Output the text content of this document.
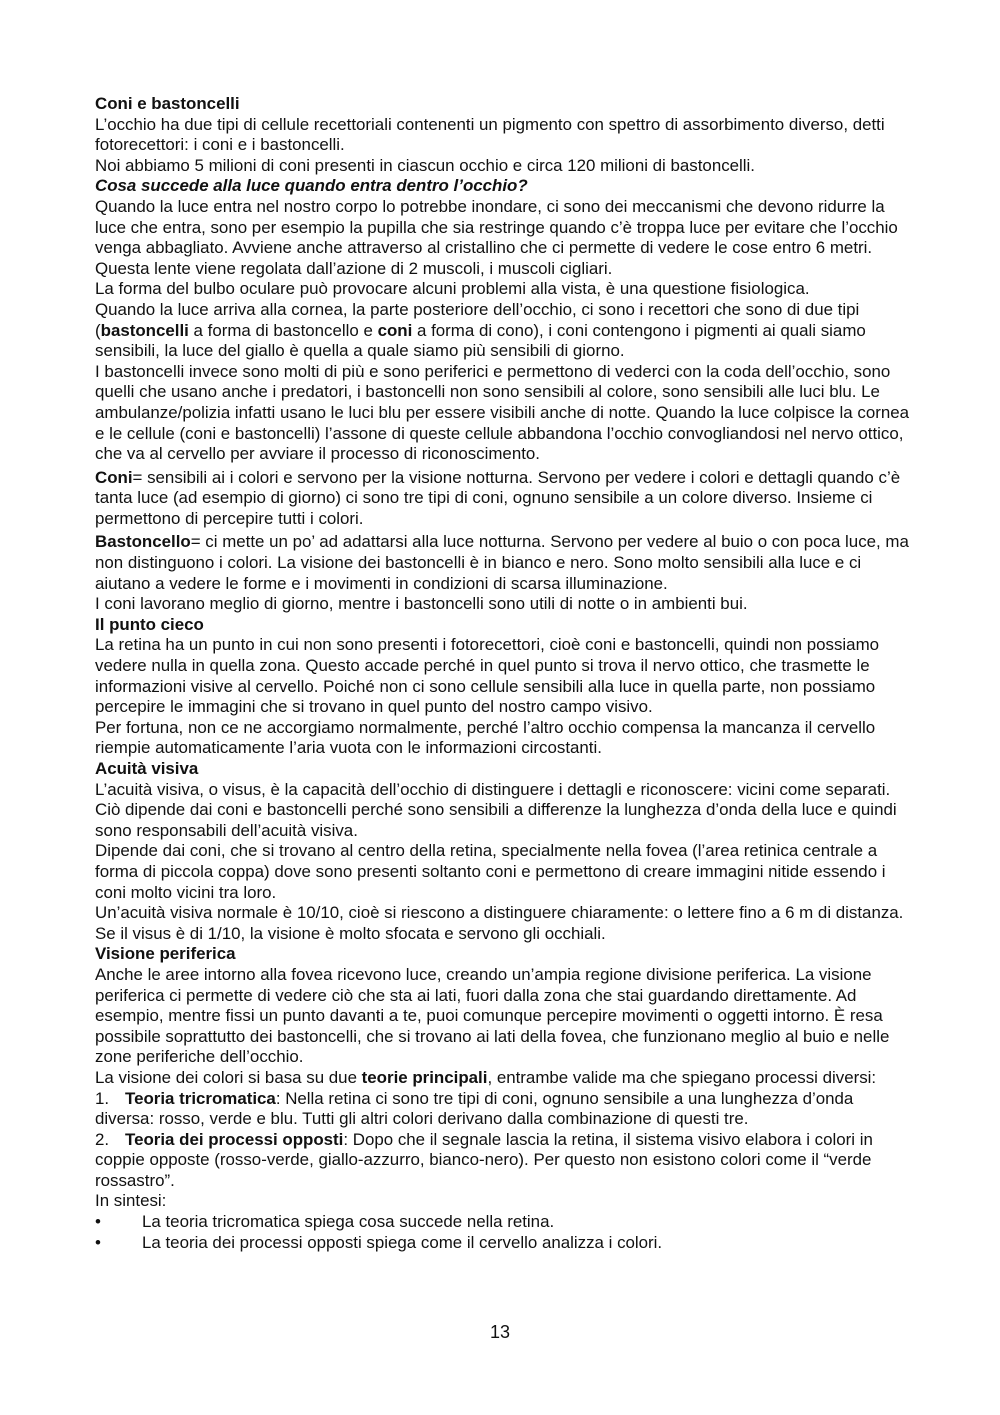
Coni e bastoncelli

L’occhio ha due tipi di cellule recettoriali contenenti un pigmento con spettro di assorbimento diverso, detti fotorecettori: i coni e i bastoncelli.

Noi abbiamo 5 milioni di coni presenti in ciascun occhio e circa 120 milioni di bastoncelli.

Cosa succede alla luce quando entra dentro l’occhio?

Quando la luce entra nel nostro corpo lo potrebbe inondare, ci sono dei meccanismi che devono ridurre la luce che entra, sono per esempio la pupilla che sia restringe quando c’è troppa luce per evitare che l’occhio venga abbagliato. Avviene anche attraverso al cristallino che ci permette di vedere le cose entro 6 metri. Questa lente viene regolata dall’azione di 2 muscoli, i muscoli cigliari.

La forma del bulbo oculare può provocare alcuni problemi alla vista, è una questione fisiologica.

Quando la luce arriva alla cornea, la parte posteriore dell’occhio, ci sono i recettori che sono di due tipi (bastoncelli a forma di bastoncello e coni a forma di cono), i coni contengono i pigmenti ai quali siamo sensibili, la luce del giallo è quella a quale siamo più sensibili di giorno.

I bastoncelli invece sono molti di più e sono periferici e permettono di vederci con la coda dell’occhio, sono quelli che usano anche i predatori, i bastoncelli non sono sensibili al colore, sono sensibili alle luci blu. Le ambulanze/polizia infatti usano le luci blu per essere visibili anche di notte. Quando la luce colpisce la cornea e le cellule (coni e bastoncelli) l’assone di queste cellule abbandona l’occhio convogliandosi nel nervo ottico, che va al cervello per avviare il processo di riconoscimento.

Coni= sensibili ai i colori e servono per la visione notturna. Servono per vedere i colori e dettagli quando c’è tanta luce (ad esempio di giorno) ci sono tre tipi di coni, ognuno sensibile a un colore diverso. Insieme ci permettono di percepire tutti i colori.

Bastoncello= ci mette un po’ ad adattarsi alla luce notturna. Servono per vedere al buio o con poca luce, ma non distinguono i colori. La visione dei bastoncelli è in bianco e nero. Sono molto sensibili alla luce e ci aiutano a vedere le forme e i movimenti in condizioni di scarsa illuminazione.

I coni lavorano meglio di giorno, mentre i bastoncelli sono utili di notte o in ambienti bui.

Il punto cieco

La retina ha un punto in cui non sono presenti i fotorecettori, cioè coni e bastoncelli, quindi non possiamo vedere nulla in quella zona. Questo accade perché in quel punto si trova il nervo ottico, che trasmette le informazioni visive al cervello. Poiché non ci sono cellule sensibili alla luce in quella parte, non possiamo percepire le immagini che si trovano in quel punto del nostro campo visivo.

Per fortuna, non ce ne accorgiamo normalmente, perché l’altro occhio compensa la mancanza il cervello riempie automaticamente l’aria vuota con le informazioni circostanti.

Acuità visiva

L’acuità visiva, o visus, è la capacità dell’occhio di distinguere i dettagli e riconoscere: vicini come separati. Ciò dipende dai coni e bastoncelli perché sono sensibili a differenze la lunghezza d’onda della luce e quindi sono responsabili dell’acuità visiva.

Dipende dai coni, che si trovano al centro della retina, specialmente nella fovea (l’area retinica centrale a forma di piccola coppa) dove sono presenti soltanto coni e permettono di creare immagini nitide essendo i coni molto vicini tra loro.

Un’acuità visiva normale è 10/10, cioè si riescono a distinguere chiaramente: o lettere fino a 6 m di distanza. Se il visus è di 1/10, la visione è molto sfocata e servono gli occhiali.

Visione periferica

Anche le aree intorno alla fovea ricevono luce, creando un’ampia regione divisione periferica. La visione periferica ci permette di vedere ciò che sta ai lati, fuori dalla zona che stai guardando direttamente. Ad esempio, mentre fissi un punto davanti a te, puoi comunque percepire movimenti o oggetti intorno. È resa possibile soprattutto dei bastoncelli, che si trovano ai lati della fovea, che funzionano meglio al buio e nelle zone periferiche dell’occhio.

La visione dei colori si basa su due teorie principali, entrambe valide ma che spiegano processi diversi:

1. Teoria tricromatica: Nella retina ci sono tre tipi di coni, ognuno sensibile a una lunghezza d’onda diversa: rosso, verde e blu. Tutti gli altri colori derivano dalla combinazione di questi tre.

2. Teoria dei processi opposti: Dopo che il segnale lascia la retina, il sistema visivo elabora i colori in coppie opposte (rosso-verde, giallo-azzurro, bianco-nero). Per questo non esistono colori come il “verde rossastro”.

In sintesi:

•	La teoria tricromatica spiega cosa succede nella retina.
•	La teoria dei processi opposti spiega come il cervello analizza i colori.
13
